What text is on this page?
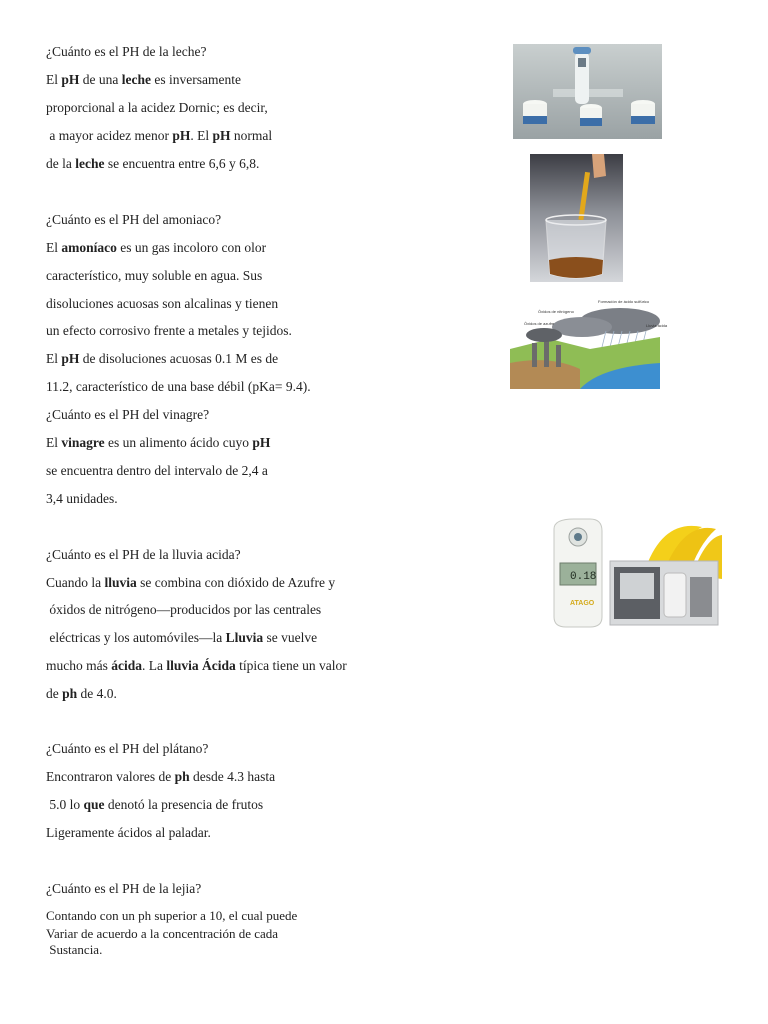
¿Cuánto es el PH de la leche?
El pH de una leche es inversamente
proporcional a la acidez Dornic; es decir,
a mayor acidez menor pH. El pH normal
de la leche se encuentra entre 6,6 y 6,8.
¿Cuánto es el PH del amoniaco?
El amoníaco es un gas incoloro con olor
característico, muy soluble en agua. Sus
disoluciones acuosas son alcalinas y tienen
un efecto corrosivo frente a metales y tejidos.
El pH de disoluciones acuosas 0.1 M es de
11.2, característico de una base débil (pKa= 9.4).
¿Cuánto es el PH del vinagre?
El vinagre es un alimento ácido cuyo pH
se encuentra dentro del intervalo de 2,4 a
3,4 unidades.
¿Cuánto es el PH de la lluvia acida?
Cuando la lluvia se combina con dióxido de Azufre y
óxidos de nitrógeno—producidos por las centrales
eléctricas y los automóviles—la Lluvia se vuelve
mucho más ácida. La lluvia Ácida típica tiene un valor
de ph de 4.0.
¿Cuánto es el PH del plátano?
Encontraron valores de ph desde 4.3 hasta
5.0 lo que denotó la presencia de frutos
Ligeramente ácidos al paladar.
¿Cuánto es el PH de la lejia?
Contando con un ph superior a 10, el cual puede
Variar de acuerdo a la concentración de cada
Sustancia.
Formación de ácido sulfúrico
Óxidos de nitrógeno
Óxidos de azufre	Lluvia ácida
0.18
ATAGO
